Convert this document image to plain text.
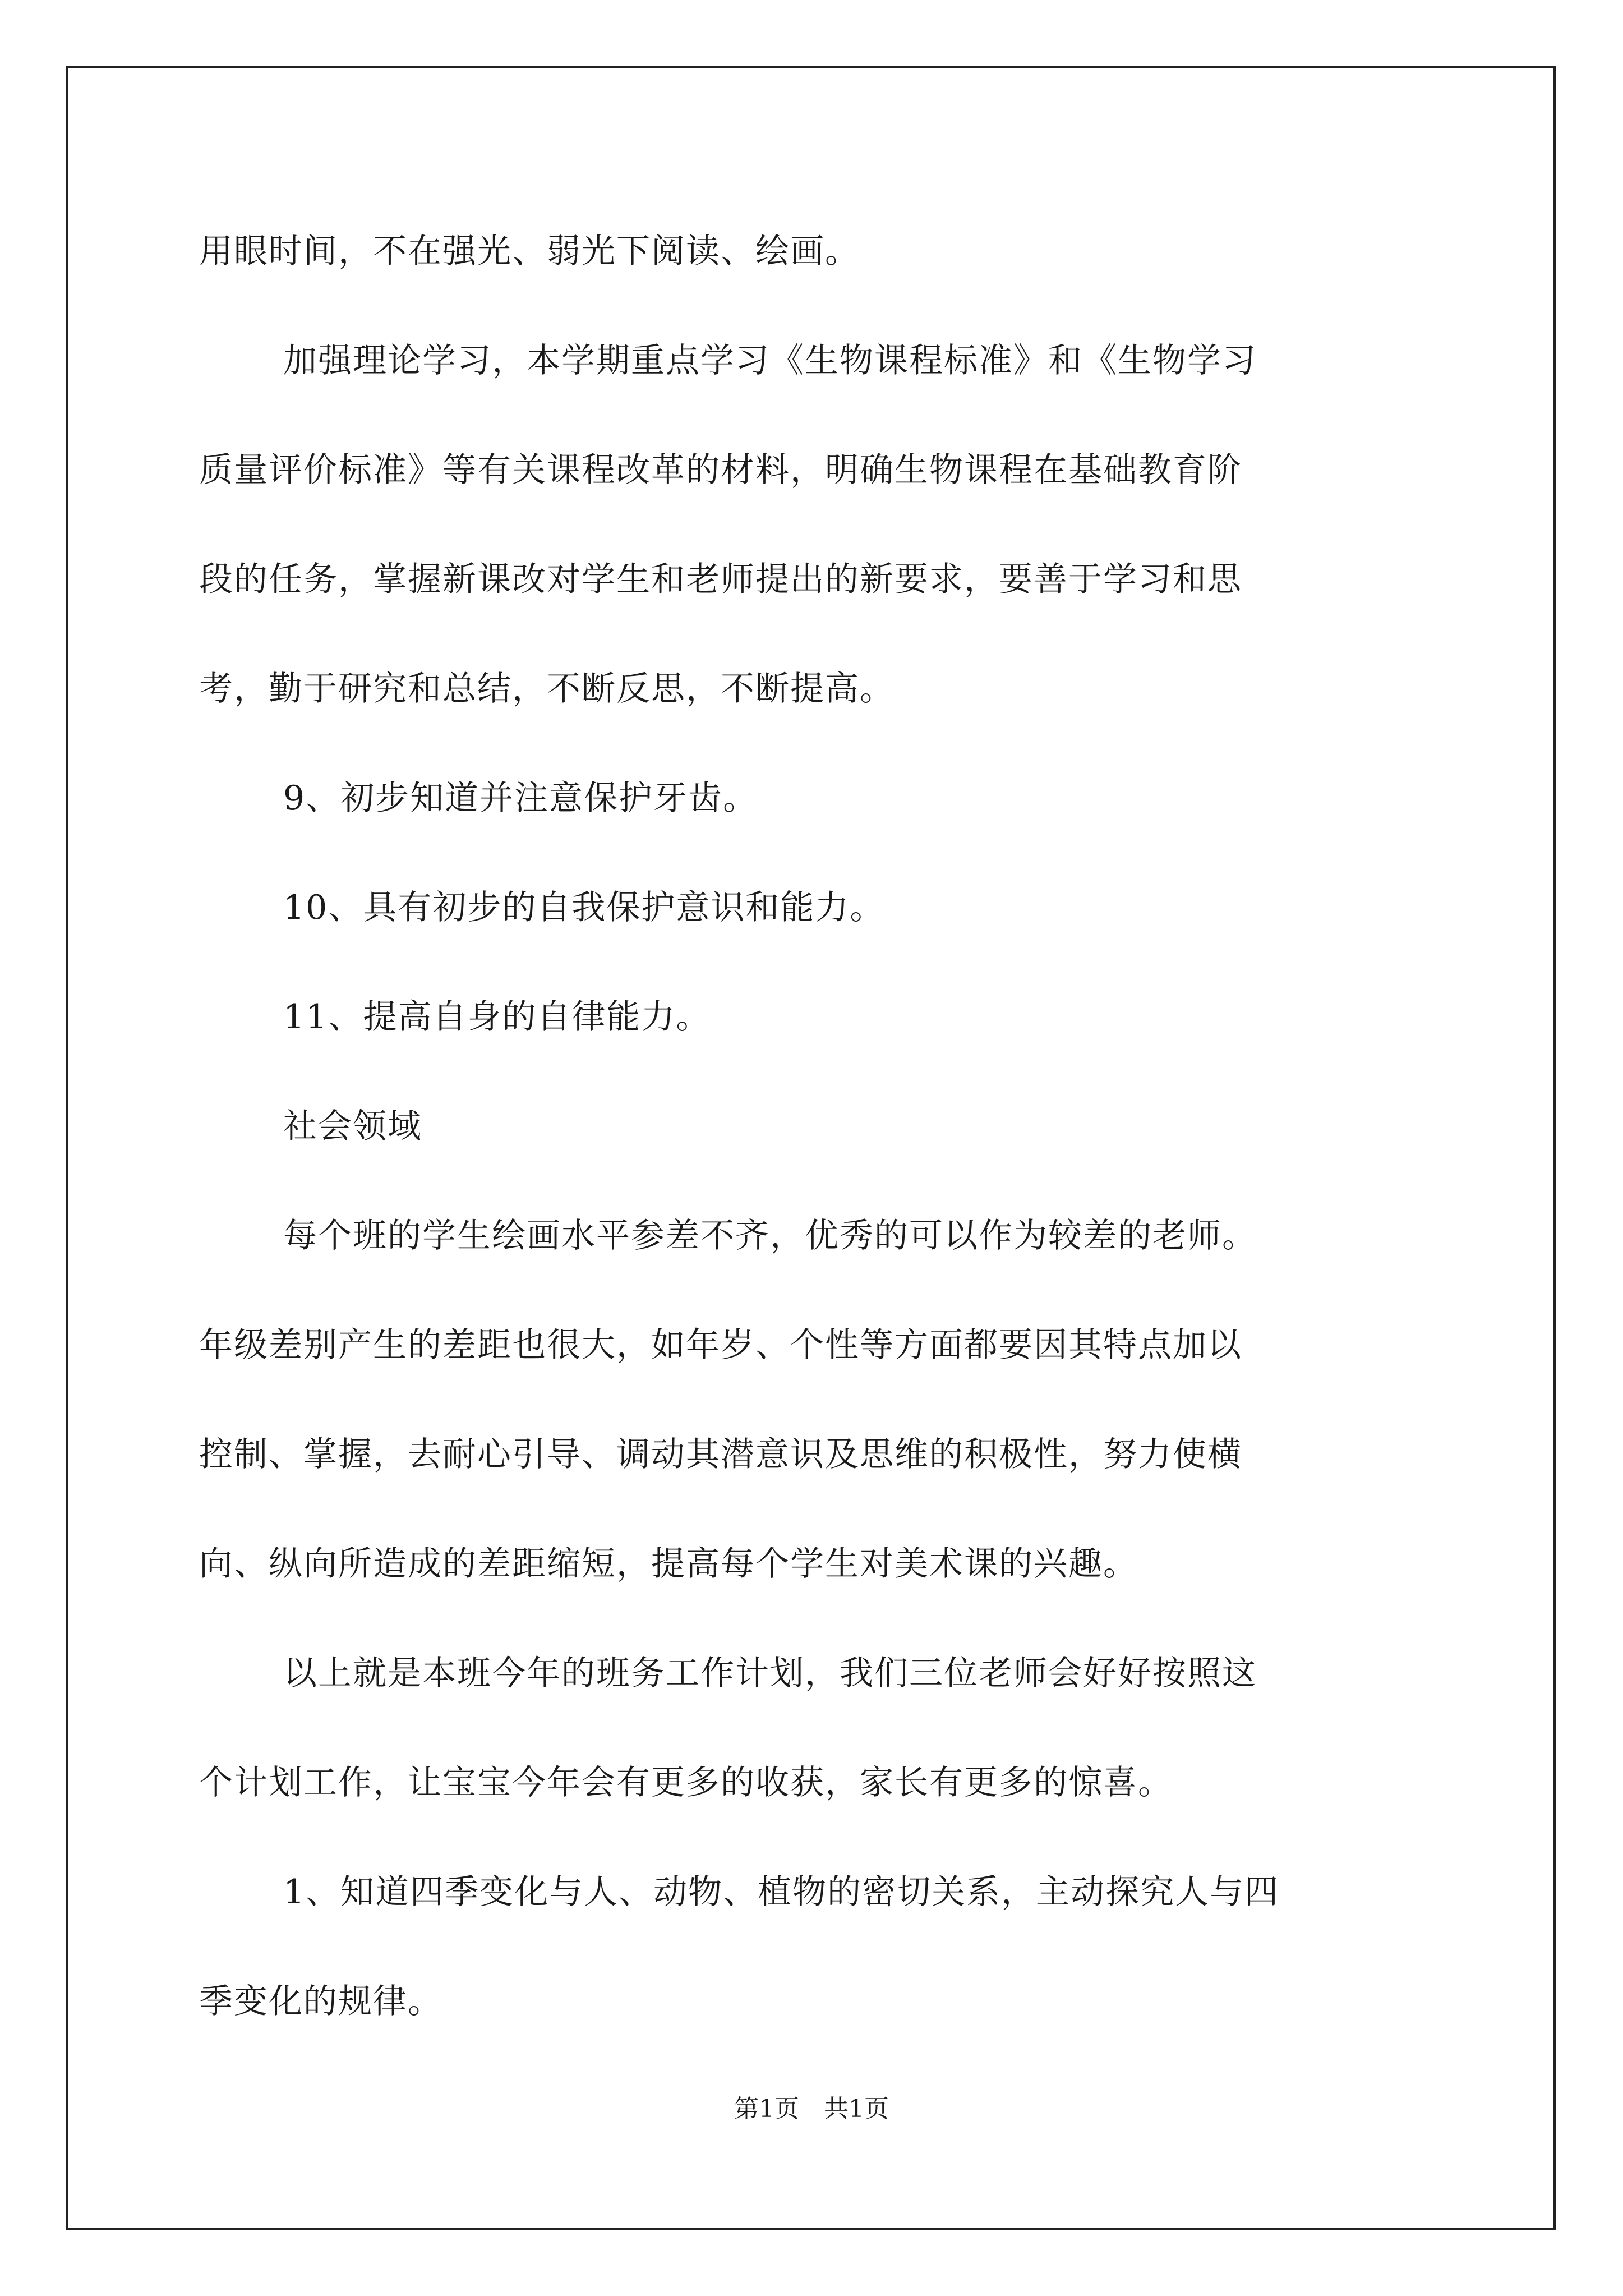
用眼时间，不在强光、弱光下阅读、绘画。
加强理论学习，本学期重点学习《生物课程标准》和《生物学习
质量评价标准》等有关课程改革的材料，明确生物课程在基础教育阶
段的任务，掌握新课改对学生和老师提出的新要求，要善于学习和思
考，勤于研究和总结，不断反思，不断提高。
9、初步知道并注意保护牙齿。
10、具有初步的自我保护意识和能力。
11、提高自身的自律能力。
社会领域
每个班的学生绘画水平参差不齐，优秀的可以作为较差的老师。
年级差别产生的差距也很大，如年岁、个性等方面都要因其特点加以
控制、掌握，去耐心引导、调动其潜意识及思维的积极性，努力使横
向、纵向所造成的差距缩短，提高每个学生对美术课的兴趣。
以上就是本班今年的班务工作计划，我们三位老师会好好按照这
个计划工作，让宝宝今年会有更多的收获，家长有更多的惊喜。
1、知道四季变化与人、动物、植物的密切关系，主动探究人与四
季变化的规律。
第1页　共1页
